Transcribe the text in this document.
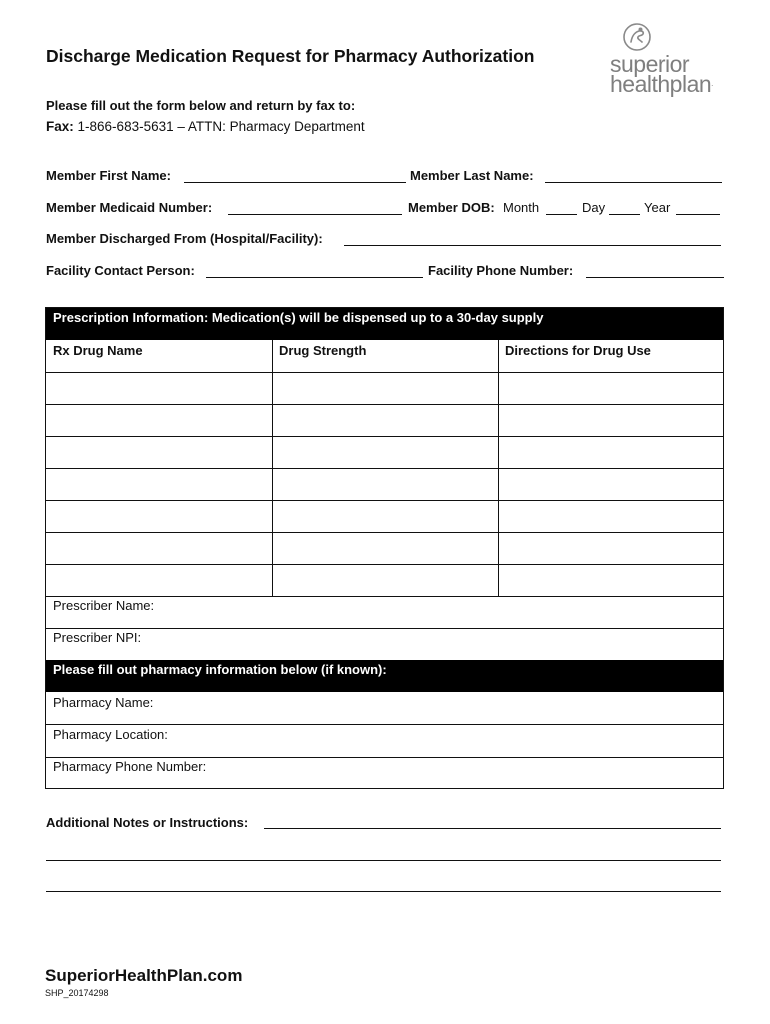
Discharge Medication Request for Pharmacy Authorization	superior
healthplan.
Please fill out the form below and return by fax to:
Fax: 1-866-683-5631 – ATTN: Pharmacy Department
Member First Name:	Member Last Name:
Member Medicaid Number:	Member DOB: Month	Day	Year
Member Discharged From (Hospital/Facility):
Facility Contact Person:	Facility Phone Number:
Prescription Information: Medication(s) will be dispensed up to a 30-day supply
Rx Drug Name	Drug Strength	Directions for Drug Use
Prescriber Name:
Prescriber NPI:
Please fill out pharmacy information below (if known):
Pharmacy Name:
Pharmacy Location:
Pharmacy Phone Number:
Additional Notes or Instructions:
SuperiorHealthPlan.com
SHP_20174298
